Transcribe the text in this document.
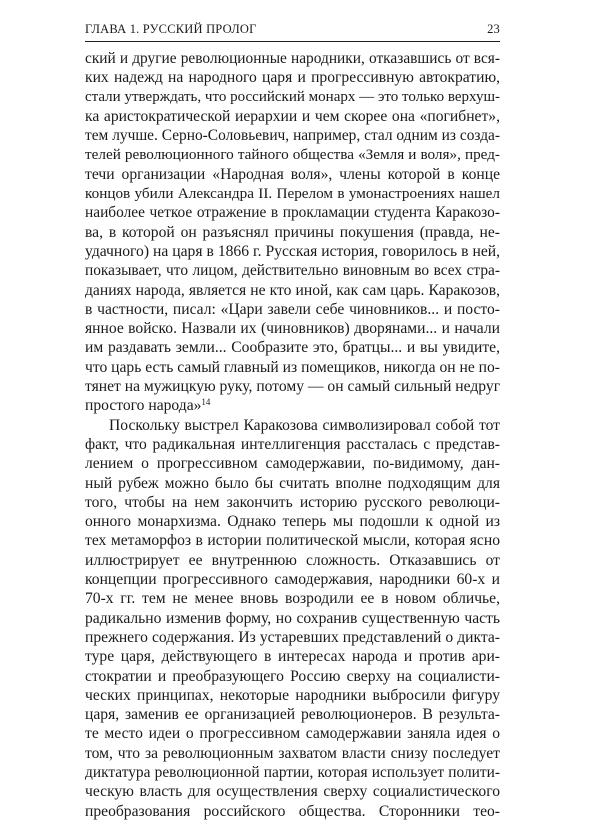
ГЛАВА 1. РУССКИЙ ПРОЛОГ	23
ский и другие революционные народники, отказавшись от вся-
ких надежд на народного царя и прогрессивную автократию,
стали утверждать, что российский монарх — это только верхуш-
ка аристократической иерархии и чем скорее она «погибнет»,
тем лучше. Серно-Соловьевич, например, стал одним из создa-
телей революционного тайного общества «Земля и воля», пред-
течи организации «Народная воля», члены которой в конце
концов убили Александра II. Перелом в умонастроениях нашел
наиболее четкое отражение в прокламации студента Каракозо-
ва, в которой он разъяснял причины покушения (правда, не-
удачного) на царя в 1866 г. Русская история, говорилось в ней,
показывает, что лицом, действительно виновным во всех стра-
даниях народа, является не кто иной, как сам царь. Каракозов,
в частности, писал: «Цари завели себе чиновников... и посто-
янное войско. Назвали их (чиновников) дворянами... и начали
им раздавать земли... Сообразите это, братцы... и вы увидите,
что царь есть самый главный из помещиков, никогда он не по-
тянет на мужицкую руку, потому — он самый сильный недруг
простого народа»$^{14}$
Поскольку выстрел Каракозова символизировал собой тот
факт, что радикальная интеллигенция рассталась с представ-
лением о прогрессивном самодержавии, по-видимому, дан-
ный рубеж можно было бы считать вполне подходящим для
того, чтобы на нем закончить историю русского революци-
онного монархизма. Однако теперь мы подошли к одной из
тех метаморфоз в истории политической мысли, которая ясно
иллюстрирует ее внутреннюю сложность. Отказавшись от
концепции прогрессивного самодержавия, народники 60-х и
70-х гг. тем не менее вновь возродили ее в новом обличье,
радикально изменив форму, но сохранив существенную часть
прежнего содержания. Из устаревших представлений о дикта-
туре царя, действующего в интересах народа и против ари-
стократии и преобразующего Россию сверху на социалисти-
ческих принципах, некоторые народники выбросили фигуру
царя, заменив ее организацией революционеров. В результа-
те место идеи о прогрессивном самодержавии заняла идея о
том, что за революционным захватом власти снизу последует
диктатура революционной партии, которая использует полити-
ческую власть для осуществления сверху социалистического
преобразования российского общества. Сторонники тео-
